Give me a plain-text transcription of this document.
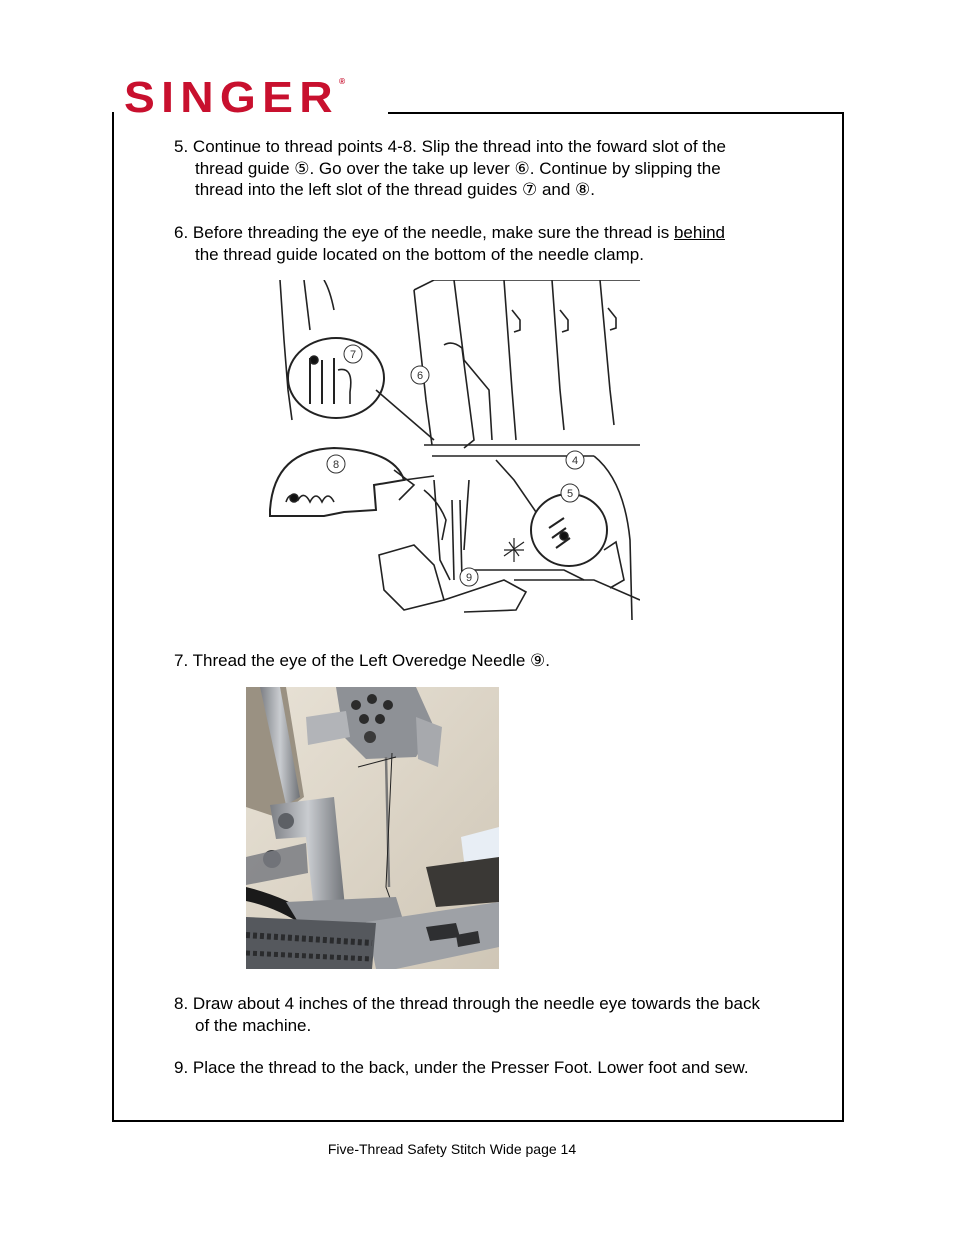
SINGER®
5. Continue to thread points 4-8. Slip the thread into the foward slot of the
thread guide ⑤. Go over the take up lever ⑥. Continue by slipping the
thread into the left slot of the thread guides ⑦ and ⑧.
6. Before threading the eye of the needle, make sure the thread is behind
the thread guide located on the bottom of the needle clamp.
7
6
8	4
5
9
7. Thread the eye of the Left Overedge Needle ⑨.
8. Draw about 4 inches of the thread through the needle eye towards the back
of the machine.
9. Place the thread to the back, under the Presser Foot. Lower foot and sew.
Five-Thread Safety Stitch Wide page 14
